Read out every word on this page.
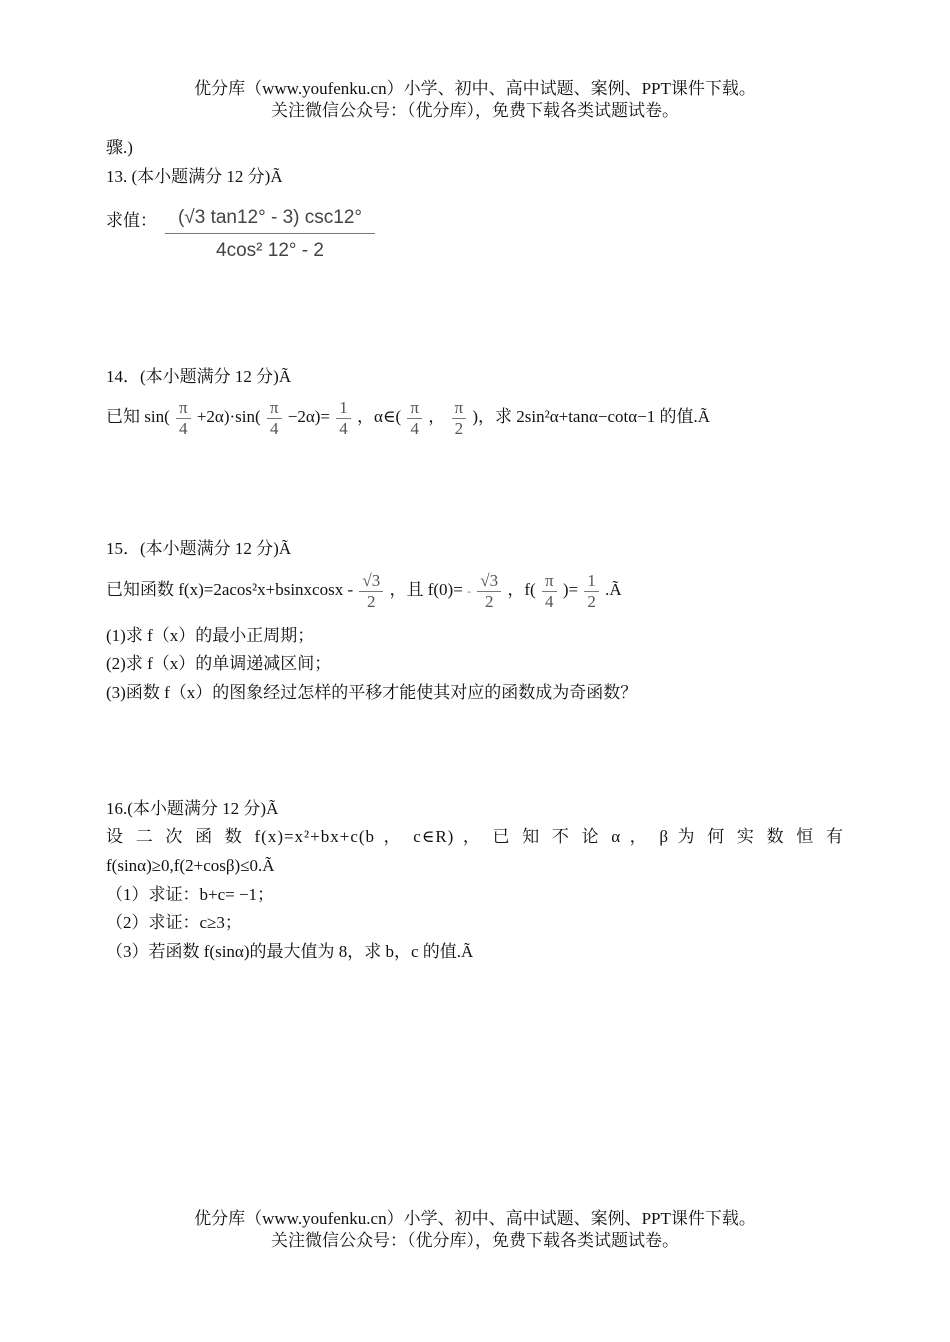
优分库（www.youfenku.cn）小学、初中、高中试题、案例、PPT课件下载。
关注微信公众号：（优分库），免费下载各类试题试卷。
骤.)
13. (本小题满分 12 分)Ã
求值：	(√3 tan12° - 3) csc12°
4cos² 12° - 2
14．(本小题满分 12 分)Ã
已知 $\sin( \frac{\pi}{4} +2\alpha)\cdot\sin( \frac{\pi}{4} -2\alpha)= \frac{1}{4}$ ，α∈( $\frac{\pi}{4}$ ， $\frac{\pi}{2}$ )，求 2sin²α+tanα−cotα−1 的值.Ã
15．(本小题满分 12 分)Ã
已知函数 f(x)=2acos²x+bsinxcosx - $\frac{√3}{2}$ ，且 $f(0)= - \frac{√3}{2}$ ，$f( \frac{\pi}{4}$ )= $\frac{1}{2}$ .Ã
(1)求 f（x）的最小正周期；
(2)求 f（x）的单调递减区间；
(3)函数 f（x）的图象经过怎样的平移才能使其对应的函数成为奇函数？
16.(本小题满分 12 分)Ã
设 二 次 函 数 f(x)=x²+bx+c(b ， c∈R) ， 已 知 不 论 α ， β 为 何 实 数 恒 有
f(sinα)≥0,f(2+cosβ)≤0.Ã
（1）求证：b+c= −1；
（2）求证：c≥3；
（3）若函数 f(sinα)的最大值为 8，求 b，c 的值.Ã
优分库（www.youfenku.cn）小学、初中、高中试题、案例、PPT课件下载。
关注微信公众号：（优分库），免费下载各类试题试卷。
